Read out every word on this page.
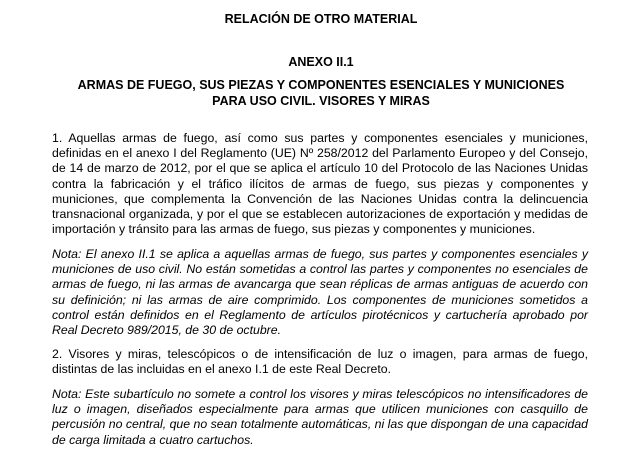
RELACIÓN DE OTRO MATERIAL
ANEXO II.1
ARMAS DE FUEGO, SUS PIEZAS Y COMPONENTES ESENCIALES Y MUNICIONES PARA USO CIVIL. VISORES Y MIRAS

1. Aquellas armas de fuego, así como sus partes y componentes esenciales y municiones, definidas en el anexo I del Reglamento (UE) Nº 258/2012 del Parlamento Europeo y del Consejo, de 14 de marzo de 2012, por el que se aplica el artículo 10 del Protocolo de las Naciones Unidas contra la fabricación y el tráfico ilícitos de armas de fuego, sus piezas y componentes y municiones, que complementa la Convención de las Naciones Unidas contra la delincuencia transnacional organizada, y por el que se establecen autorizaciones de exportación y medidas de importación y tránsito para las armas de fuego, sus piezas y componentes y municiones.

Nota: El anexo II.1 se aplica a aquellas armas de fuego, sus partes y componentes esenciales y municiones de uso civil. No están sometidas a control las partes y componentes no esenciales de armas de fuego, ni las armas de avancarga que sean réplicas de armas antiguas de acuerdo con su definición; ni las armas de aire comprimido. Los componentes de municiones sometidos a control están definidos en el Reglamento de artículos pirotécnicos y cartuchería aprobado por Real Decreto 989/2015, de 30 de octubre.

2. Visores y miras, telescópicos o de intensificación de luz o imagen, para armas de fuego, distintas de las incluidas en el anexo I.1 de este Real Decreto.

Nota: Este subartículo no somete a control los visores y miras telescópicos no intensificadores de luz o imagen, diseñados especialmente para armas que utilicen municiones con casquillo de percusión no central, que no sean totalmente automáticas, ni las que dispongan de una capacidad de carga limitada a cuatro cartuchos.
